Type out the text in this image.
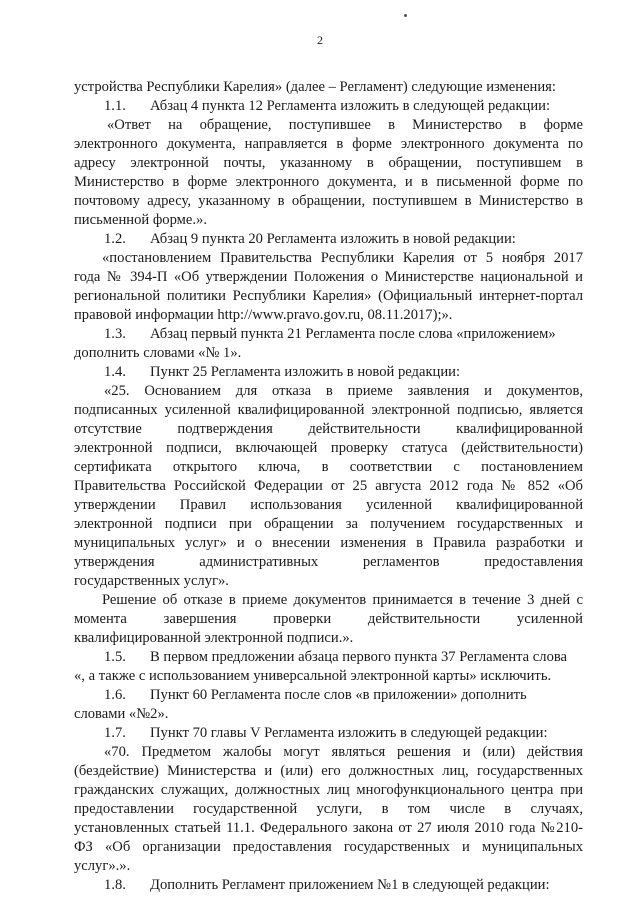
2
устройства Республики Карелия» (далее – Регламент) следующие изменения:
1.1. Абзац 4 пункта 12 Регламента изложить в следующей редакции:
«Ответ на обращение, поступившее в Министерство в форме
электронного документа, направляется в форме электронного документа по
адресу электронной почты, указанному в обращении, поступившем в
Министерство в форме электронного документа, и в письменной форме по
почтовому адресу, указанному в обращении, поступившем в Министерство в
письменной форме.».
1.2. Абзац 9 пункта 20 Регламента изложить в новой редакции:
«постановлением Правительства Республики Карелия от 5 ноября 2017
года № 394-П «Об утверждении Положения о Министерстве национальной и
региональной политики Республики Карелия» (Официальный интернет-портал
правовой информации http://www.pravo.gov.ru, 08.11.2017);».
1.3. Абзац первый пункта 21 Регламента после слова «приложением»
дополнить словами «№ 1».
1.4. Пункт 25 Регламента изложить в новой редакции:
«25. Основанием для отказа в приеме заявления и документов,
подписанных усиленной квалифицированной электронной подписью, является
отсутствие подтверждения действительности квалифицированной
электронной подписи, включающей проверку статуса (действительности)
сертификата открытого ключа, в соответствии с постановлением
Правительства Российской Федерации от 25 августа 2012 года № 852 «Об
утверждении Правил использования усиленной квалифицированной
электронной подписи при обращении за получением государственных и
муниципальных услуг» и о внесении изменения в Правила разработки и
утверждения административных регламентов предоставления
государственных услуг».
Решение об отказе в приеме документов принимается в течение 3 дней с
момента завершения проверки действительности усиленной
квалифицированной электронной подписи.».
1.5. В первом предложении абзаца первого пункта 37 Регламента слова
«, а также с использованием универсальной электронной карты» исключить.
1.6. Пункт 60 Регламента после слов «в приложении» дополнить
словами «№2».
1.7. Пункт 70 главы V Регламента изложить в следующей редакции:
«70. Предметом жалобы могут являться решения и (или) действия
(бездействие) Министерства и (или) его должностных лиц, государственных
гражданских служащих, должностных лиц многофункционального центра при
предоставлении государственной услуги, в том числе в случаях,
установленных статьей 11.1. Федерального закона от 27 июля 2010 года №210-
ФЗ «Об организации предоставления государственных и муниципальных
услуг».».
1.8. Дополнить Регламент приложением №1 в следующей редакции:
